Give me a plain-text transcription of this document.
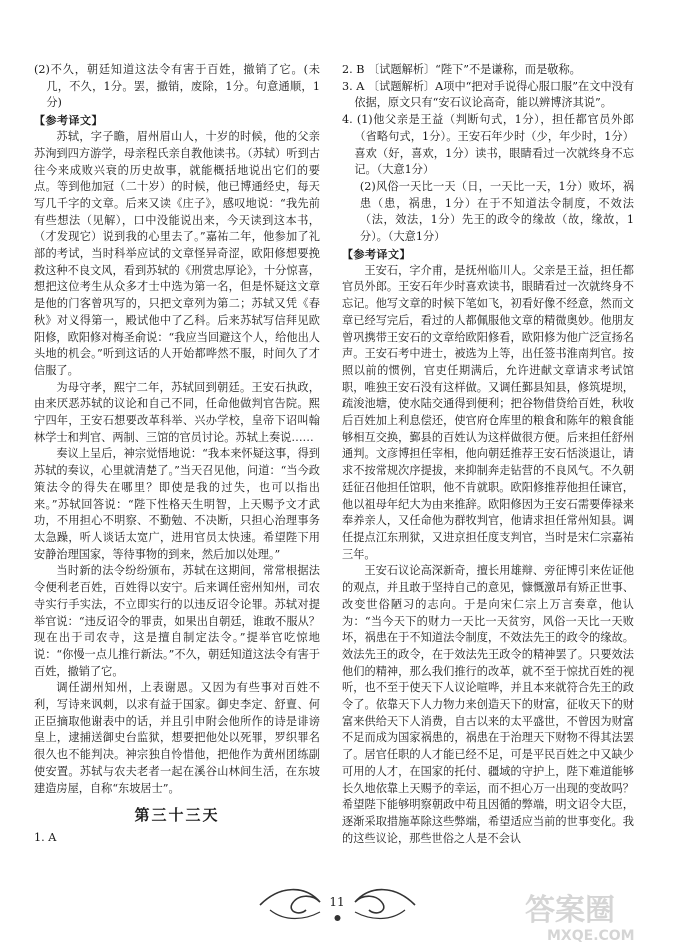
(2)不久，朝廷知道这法令有害于百姓，撤销了它。(未几，不久，1分。罢，撤销，废除，1分。句意通顺，1分)

【参考译文】

苏轼，字子瞻，眉州眉山人，十岁的时候，他的父亲苏洵到四方游学，母亲程氏亲自教他读书。（苏轼）听到古往今来成败兴衰的历史故事，就能概括地说出它们的要点。等到他加冠（二十岁）的时候，他已博通经史，每天写几千字的文章。后来又读《庄子》，感叹地说：“我先前有些想法（见解），口中没能说出来，今天读到这本书，（才发现它）说到我的心里去了。”嘉祐二年，他参加了礼部的考试，当时科举应试的文章怪异奇涩，欧阳修想要挽救这种不良文风，看到苏轼的《刑赏忠厚论》，十分惊喜，想把这位考生从众多才士中选为第一名，但是怀疑这文章是他的门客曾巩写的，只把文章列为第二；苏轼又凭《春秋》对义得第一，殿试他中了乙科。后来苏轼写信拜见欧阳修，欧阳修对梅圣俞说：“我应当回避这个人，给他出人头地的机会。”听到这话的人开始都哗然不服，时间久了才信服了。

为母守孝，熙宁二年，苏轼回到朝廷。王安石执政，由来厌恶苏轼的议论和自己不同，任命他做判官告院。熙宁四年，王安石想要改革科举、兴办学校，皇帝下诏叫翰林学士和判官、两制、三馆的官员讨论。苏轼上奏说……

奏议上呈后，神宗觉悟地说：“我本来怀疑这事，得到苏轼的奏议，心里就清楚了。”当天召见他，问道：“当今政策法令的得失在哪里？即使是我的过失，也可以指出来。”苏轼回答说：“陛下性格天生明智，上天赐予文才武功，不用担心不明察、不勤勉、不决断，只担心治理事务太急躁，听人谈话太宽广，进用官员太快速。希望陛下用安静治理国家，等待事物的到来，然后加以处理。”

当时新的法令纷纷颁布，苏轼在这期间，常常根据法令便利老百姓，百姓得以安宁。后来调任密州知州，司农寺实行手实法，不立即实行的以违反诏令论罪。苏轼对提举官说：“违反诏令的罪责，如果出自朝廷，谁敢不服从？现在出于司农寺，这是擅自制定法令。”提举官吃惊地说：“你慢一点儿推行新法。”不久，朝廷知道这法令有害于百姓，撤销了它。

调任湖州知州，上表谢恩。又因为有些事对百姓不利，写诗来讽刺，以求有益于国家。御史李定、舒亶、何正臣摘取他谢表中的话，并且引申附会他所作的诗是诽谤皇上，逮捕送御史台监狱，想要把他处以死罪，罗织罪名很久也不能判决。神宗独自怜惜他，把他作为黄州团练副使安置。苏轼与农夫老者一起在溪谷山林间生活，在东坡建造房屋，自称“东坡居士”。

第三十三天

1. A

2. B 〔试题解析〕“陛下”不是谦称，而是敬称。

3. A 〔试题解析〕A项中“把对手说得心服口服”在文中没有依据，原文只有“安石议论高奇，能以辨博济其说”。

4. (1)他父亲是王益（判断句式，1分），担任都官员外郎（省略句式，1分）。王安石年少时（少，年少时，1分）喜欢（好，喜欢，1分）读书，眼睛看过一次就终身不忘记。（大意1分）

(2)风俗一天比一天（日，一天比一天，1分）败坏，祸患（患，祸患，1分）在于不知道法令制度，不效法（法，效法，1分）先王的政令的缘故（故，缘故，1分）。（大意1分）

【参考译文】

王安石，字介甫，是抚州临川人。父亲是王益，担任都官员外郎。王安石年少时喜欢读书，眼睛看过一次就终身不忘记。他写文章的时候下笔如飞，初看好像不经意，然而文章已经写完后，看过的人都佩服他文章的精微奥妙。他朋友曾巩携带王安石的文章给欧阳修看，欧阳修为他广泛宣扬名声。王安石考中进士，被选为上等，出任签书淮南判官。按照以前的惯例，官吏任期满后，允许进献文章请求考试馆职，唯独王安石没有这样做。又调任鄞县知县，修筑堤坝，疏浚池塘，使水陆交通得到便利；把谷物借贷给百姓，秋收后百姓加上利息偿还，使官府仓库里的粮食和陈年的粮食能够相互交换，鄞县的百姓认为这样做很方便。后来担任舒州通判。文彦博担任宰相，他向朝廷推荐王安石恬淡退让，请求不按常规次序提拔，来抑制奔走钻营的不良风气。不久朝廷征召他担任馆职，他不肯就职。欧阳修推荐他担任谏官，他以祖母年纪大为由来推辞。欧阳修因为王安石需要俸禄来奉养亲人，又任命他为群牧判官，他请求担任常州知县。调任提点江东刑狱，又进京担任度支判官，当时是宋仁宗嘉祐三年。

王安石议论高深新奇，擅长用雄辩、旁征博引来佐证他的观点，并且敢于坚持自己的意见，慷慨激昂有矫正世事、改变世俗陋习的志向。于是向宋仁宗上万言奏章，他认为：“当今天下的财力一天比一天贫穷，风俗一天比一天败坏，祸患在于不知道法令制度，不效法先王的政令的缘故。效法先王的政令，在于效法先王政令的精神罢了。只要效法他们的精神，那么我们推行的改革，就不至于惊扰百姓的视听，也不至于使天下人议论喧哗，并且本来就符合先王的政令了。依靠天下人力物力来创造天下的财富，征收天下的财富来供给天下人消费，自古以来的太平盛世，不曾因为财富不足而成为国家祸患的，祸患在于治理天下财物不得其法罢了。居官任职的人才能已经不足，可是平民百姓之中又缺少可用的人才，在国家的托付、疆域的守护上，陛下难道能够长久地依靠上天赐予的幸运，而不担心万一出现的变故吗？希望陛下能够明察朝政中苟且因循的弊端，明文诏令大臣，逐渐采取措施革除这些弊端，希望适应当前的世事变化。我的这些议论，那些世俗之人是不会认

11	答案圈
MXQE.COM
